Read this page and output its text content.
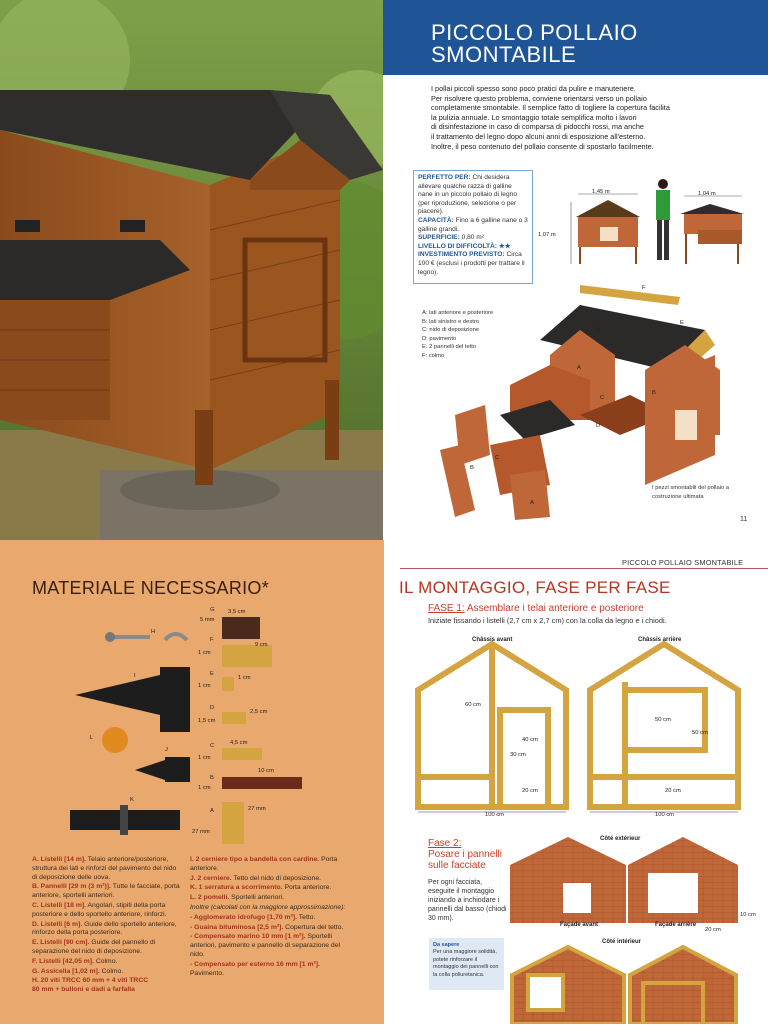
PICCOLO POLLAIO
SMONTABILE

I pollai piccoli spesso sono poco pratici da pulire e manutenere.

Per risolvere questo problema, conviene orientarsi verso un pollaio

completamente smontabile. Il semplice fatto di togliere la copertura facilita

la pulizia annuale. Lo smontaggio totale semplifica molto i lavori

di disinfestazione in caso di comparsa di pidocchi rossi, ma anche

il trattamento del legno dopo alcuni anni di esposizione all'esterno.

Inoltre, il peso contenuto del pollaio consente di spostarlo facilmente.

PERFETTO PER: Chi desidera allevare qualche razza di galline nane in un piccolo pollaio di legno (per riproduzione, selezione o per piacere).
CAPACITÀ: Fino a 6 galline nane o 3 galline grandi.
SUPERFICIE: 0,80 m²
LIVELLO DI DIFFICOLTÀ: ★★
INVESTIMENTO PREVISTO: Circa 100 € (esclusi i prodotti per trattare il legno).
1,45 m
1,07 m
1,04 m
A: lati anteriore e posteriore
B: lati sinistro e destro
C: nido di deposizione
D: pavimento
E: 2 pannelli del tetto
F: colmo
F
E
E
A
B
C
D
C
B
A
I pezzi smontabili del pollaio a costruzione ultimata
11
MATERIALE NECESSARIO*
H
I
J
K
L
G 3,5 cm
5 mm
F
9 cm
1 cm
E
1 cm
1 cm
D
2,5 cm
1,5 cm
C	4,5 cm
1 cm
B
10 cm
1 cm
A	27 mm
27 mm
A. Listelli [14 m]. Telaio anteriore/posteriore, struttura dei lati e rinforzi del pavimento del nido di deposizione delle uova.
B. Pannelli [29 m (3 m²)]. Tutte le facciate, porta anteriore, sportelli anteriori.
C. Listelli [18 m]. Angolari, stipiti della porta posteriore e dello sportello anteriore, rinforzi.
D. Listelli [6 m]. Guide dello sportello anteriore, rinforzo della porta posteriore.
E. Listelli [90 cm]. Guide del pannello di separazione del nido di deposizione.
F. Listelli [42,05 m]. Colmo.
G. Assicella [1,02 m]. Colmo.
H. 20 viti TRCC 60 mm + 4 viti TRCC
80 mm + bulloni e dadi a farfalla
I. 2 cerniere tipo a bandella con cardine. Porta anteriore.
J. 2 cerniere. Tetto del nido di deposizione.
K. 1 serratura a scorrimento. Porta anteriore.
L. 2 pomelli. Sportelli anteriori.
Inoltre (calcolati con la maggiore approssimazione):
- Agglomerato idrofugo [1,70 m²]. Tetto.
- Guaina bituminosa [2,5 m²]. Copertura del tetto.
- Compensato marino 10 mm [1 m²]. Sportelli anteriori, pavimento e pannello di separazione del nido.
- Compensato per esterno 16 mm [1 m²]. Pavimento.
PICCOLO POLLAIO SMONTABILE
IL MONTAGGIO, FASE PER FASE
FASE 1: Assemblare i telai anteriore e posteriore
Iniziate fissando i listelli (2,7 cm x 2,7 cm) con la colla da legno e i chiodi.
Châssis avant	Châssis arrière
60 cm
40 cm
30 cm
20 cm
100 cm
50 cm
50 cm
20 cm
100 cm
Fase 2:
Posare i pannelli sulle facciate
Per ogni facciata, eseguite il montaggio iniziando a inchiodare i pannelli dal basso (chiodi 30 mm).
Da sapere
Per una maggiore solidità, potete rinforzare il montaggio dei pannelli con la colla poliuretanica.
Côté extérieur
Façade avant	Façade arrière
Côté intérieur
10 cm
20 cm
